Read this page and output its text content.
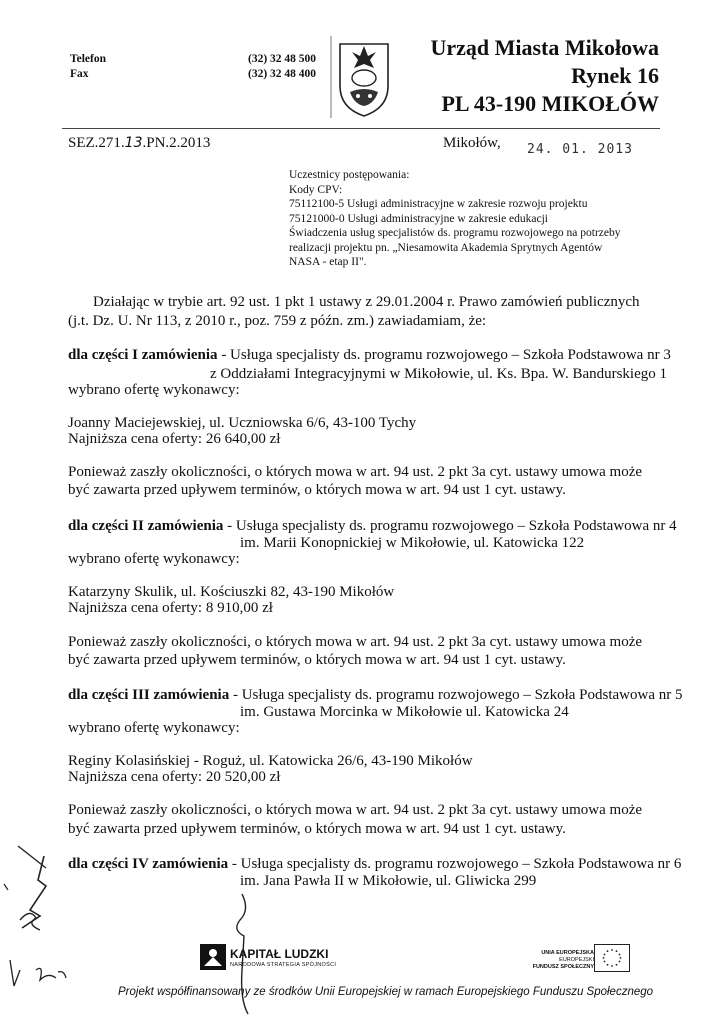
Telefon
Fax
(32) 32 48 500
(32) 32 48 400
Urząd Miasta Mikołowa
Rynek 16
PL 43-190 MIKOŁÓW
SEZ.271.13.PN.2.2013	Mikołów, 24. 01. 2013
Uczestnicy postępowania:
Kody CPV:
75112100-5 Usługi administracyjne w zakresie rozwoju projektu
75121000-0 Usługi administracyjne w zakresie edukacji
Świadczenia usług specjalistów ds. programu rozwojowego na potrzeby
realizacji projektu pn. „Niesamowita Akademia Sprytnych Agentów
NASA - etap II".
Działając w trybie art. 92 ust. 1 pkt 1 ustawy z 29.01.2004 r. Prawo zamówień publicznych
(j.t. Dz. U. Nr 113, z 2010 r., poz. 759 z późn. zm.) zawiadamiam, że:
dla części I zamówienia - Usługa specjalisty ds. programu rozwojowego – Szkoła Podstawowa nr 3
z Oddziałami Integracyjnymi w Mikołowie, ul. Ks. Bpa. W. Bandurskiego 1
wybrano ofertę wykonawcy:
Joanny Maciejewskiej, ul. Uczniowska 6/6, 43-100 Tychy
Najniższa cena oferty: 26 640,00 zł
Ponieważ zaszły okoliczności, o których mowa w art. 94 ust. 2 pkt 3a cyt. ustawy umowa może
być zawarta przed upływem terminów, o których mowa w art. 94 ust 1 cyt. ustawy.
dla części II zamówienia - Usługa specjalisty ds. programu rozwojowego – Szkoła Podstawowa nr 4
im. Marii Konopnickiej w Mikołowie, ul. Katowicka 122
wybrano ofertę wykonawcy:
Katarzyny Skulik, ul. Kościuszki 82, 43-190 Mikołów
Najniższa cena oferty: 8 910,00 zł
Ponieważ zaszły okoliczności, o których mowa w art. 94 ust. 2 pkt 3a cyt. ustawy umowa może
być zawarta przed upływem terminów, o których mowa w art. 94 ust 1 cyt. ustawy.
dla części III zamówienia - Usługa specjalisty ds. programu rozwojowego – Szkoła Podstawowa nr 5
im. Gustawa Morcinka w Mikołowie ul. Katowicka 24
wybrano ofertę wykonawcy:
Reginy Kolasińskiej - Roguż, ul. Katowicka 26/6, 43-190 Mikołów
Najniższa cena oferty: 20 520,00 zł
Ponieważ zaszły okoliczności, o których mowa w art. 94 ust. 2 pkt 3a cyt. ustawy umowa może
być zawarta przed upływem terminów, o których mowa w art. 94 ust 1 cyt. ustawy.
dla części IV zamówienia - Usługa specjalisty ds. programu rozwojowego – Szkoła Podstawowa nr 6
im. Jana Pawła II w Mikołowie, ul. Gliwicka 299
KAPITAŁ LUDZKI
NARODOWA STRATEGIA SPÓJNOŚCI
UNIA EUROPEJSKA
EUROPEJSKI
FUNDUSZ SPOŁECZNY
Projekt współfinansowany ze środków Unii Europejskiej w ramach Europejskiego Funduszu Społecznego
